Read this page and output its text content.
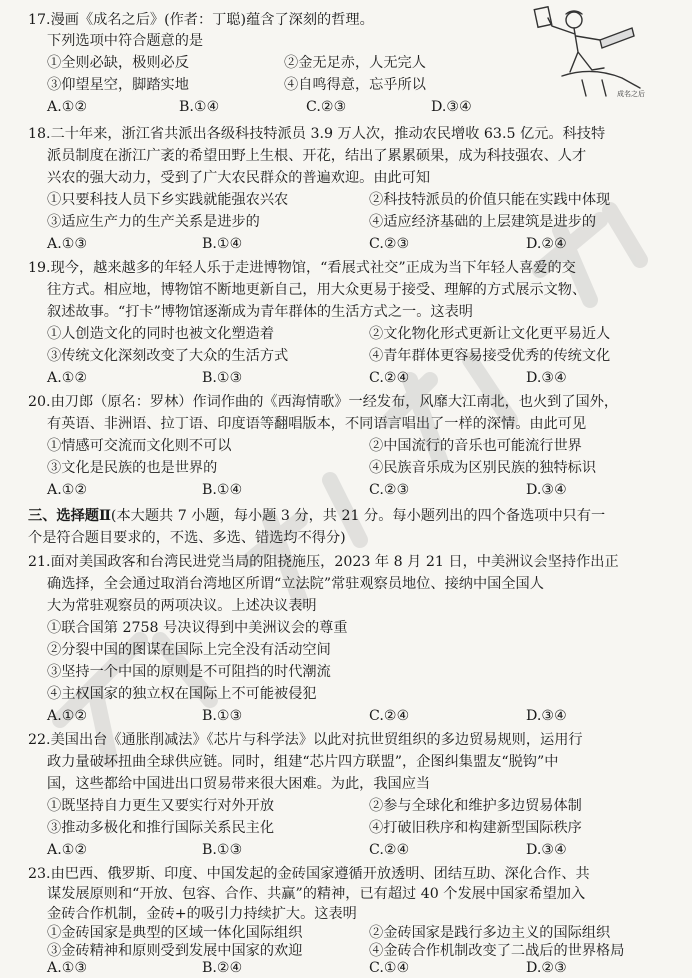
17.漫画《成名之后》(作者：丁聪)蕴含了深刻的哲理。
下列选项中符合题意的是
①全则必缺，极则必反	②金无足赤，人无完人
③仰望星空，脚踏实地	④自鸣得意，忘乎所以
A.①②	B.①④	C.②③	D.③④
成名之后
18.二十年来，浙江省共派出各级科技特派员 3.9 万人次，推动农民增收 63.5 亿元。科技特
派员制度在浙江广袤的希望田野上生根、开花，结出了累累硕果，成为科技强农、人才
兴农的强大动力，受到了广大农民群众的普遍欢迎。由此可知
①只要科技人员下乡实践就能强农兴农	②科技特派员的价值只能在实践中体现
③适应生产力的生产关系是进步的	④适应经济基础的上层建筑是进步的
A.①③	B.①④	C.②③	D.②④
19.现今，越来越多的年轻人乐于走进博物馆，“看展式社交”正成为当下年轻人喜爱的交
往方式。相应地，博物馆不断地更新自己，用大众更易于接受、理解的方式展示文物、
叙述故事。“打卡”博物馆逐渐成为青年群体的生活方式之一。这表明
①人创造文化的同时也被文化塑造着	②文化物化形式更新让文化更平易近人
③传统文化深刻改变了大众的生活方式	④青年群体更容易接受优秀的传统文化
A.①②	B.①③	C.②④	D.③④
20.由刀郎（原名：罗林）作词作曲的《西海情歌》一经发布，风靡大江南北，也火到了国外，
有英语、非洲语、拉丁语、印度语等翻唱版本，不同语言唱出了一样的深情。由此可见
①情感可交流而文化则不可以	②中国流行的音乐也可能流行世界
③文化是民族的也是世界的	④民族音乐成为区别民族的独特标识
A.①②	B.①④	C.②③	D.③④
三、选择题Ⅱ(本大题共 7 小题，每小题 3 分，共 21 分。每小题列出的四个备选项中只有一
个是符合题目要求的，不选、多选、错选均不得分)
21.面对美国政客和台湾民进党当局的阻挠施压，2023 年 8 月 21 日，中美洲议会坚持作出正
确选择，全会通过取消台湾地区所谓“立法院”常驻观察员地位、接纳中国全国人
大为常驻观察员的两项决议。上述决议表明
①联合国第 2758 号决议得到中美洲议会的尊重
②分裂中国的图谋在国际上完全没有活动空间
③坚持一个中国的原则是不可阻挡的时代潮流
④主权国家的独立权在国际上不可能被侵犯
A.①②	B.①③	C.②④	D.③④
22.美国出台《通胀削减法》《芯片与科学法》以此对抗世贸组织的多边贸易规则，运用行
政力量破坏扭曲全球供应链。同时，组建“芯片四方联盟”，企图纠集盟友“脱钩”中
国，这些都给中国进出口贸易带来很大困难。为此，我国应当
①既坚持自力更生又要实行对外开放	②参与全球化和维护多边贸易体制
③推动多极化和推行国际关系民主化	④打破旧秩序和构建新型国际秩序
A.①②	B.①③	C.②④	D.③④
23.由巴西、俄罗斯、印度、中国发起的金砖国家遵循开放透明、团结互助、深化合作、共
谋发展原则和“开放、包容、合作、共赢”的精神，已有超过 40 个发展中国家希望加入
金砖合作机制，金砖+的吸引力持续扩大。这表明
①金砖国家是典型的区域一体化国际组织	②金砖国家是践行多边主义的国际组织
③金砖精神和原则受到发展中国家的欢迎	④金砖合作机制改变了二战后的世界格局
A.①③	B.②④	C.①④	D.②③
